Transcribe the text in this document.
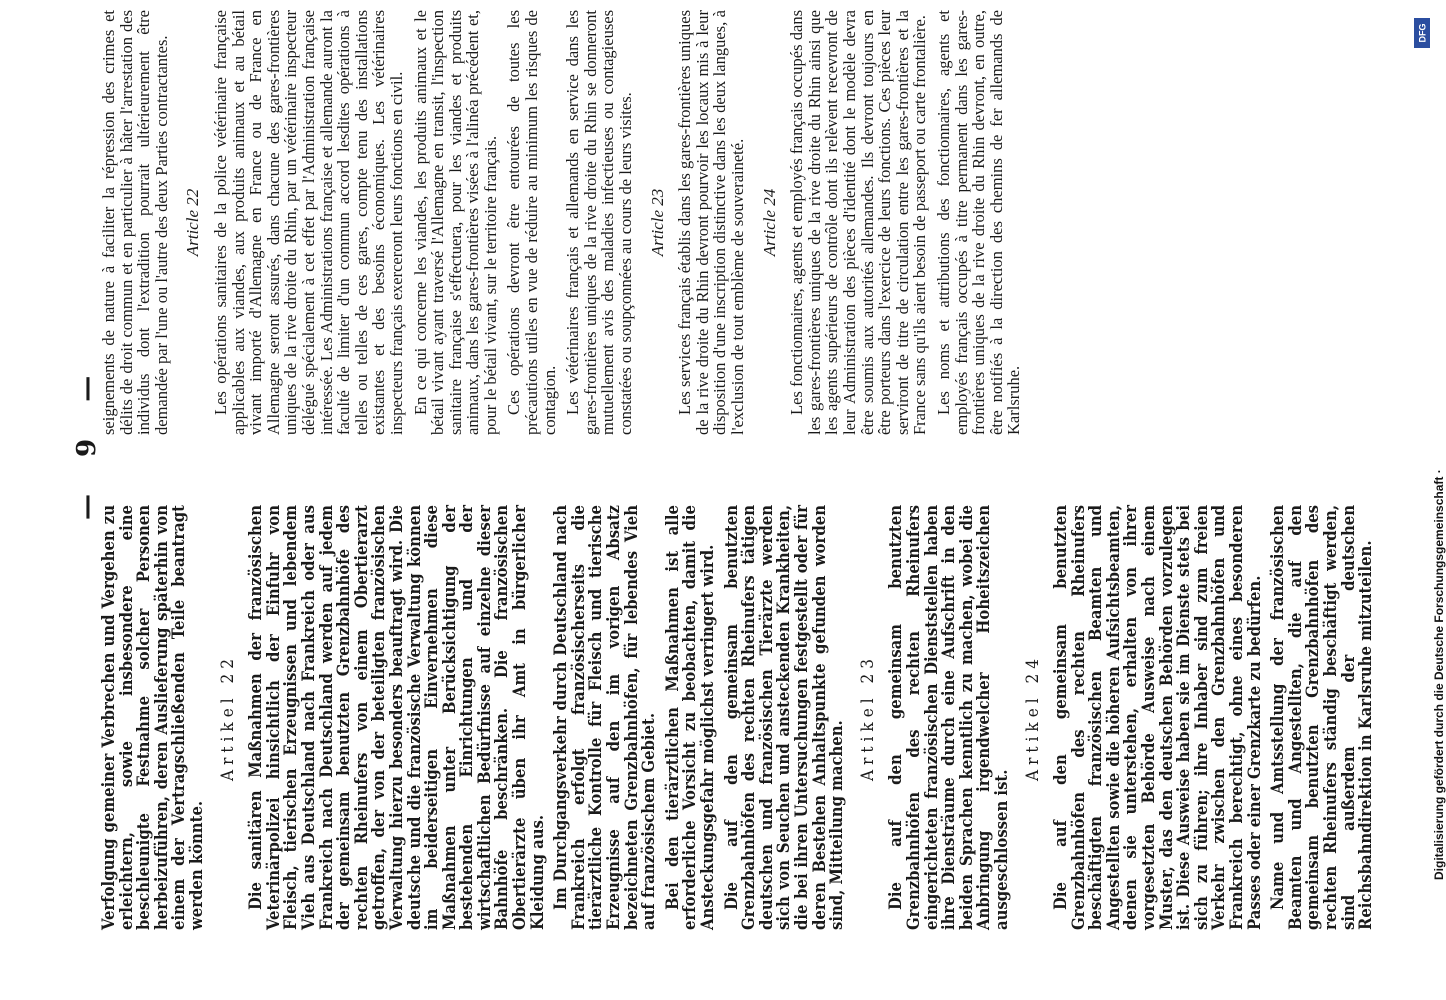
— 9 —

Verfolgung gemeiner Verbrechen und Vergehen zu erleichtern, sowie insbesondere eine beschleunigte Festnahme solcher Personen herbeizuführen, deren Auslieferung späterhin von einem der Vertragschließenden Teile beantragt werden könnte.

Artikel 22 Die sanitären Maßnahmen der französischen Veterinärpolizei hinsichtlich der Einfuhr von Fleisch, tierischen Erzeugnissen und lebendem Vieh aus Deutschland nach Frankreich oder aus Frankreich nach Deutschland werden auf jedem der gemeinsam benutzten Grenzbahnhöfe des rechten Rheinufers von einem Obertierarzt getroffen, der von der beteiligten französischen Verwaltung hierzu besonders beauftragt wird. Die deutsche und die französische Verwaltung können im beiderseitigen Einvernehmen diese Maßnahmen unter Berücksichtigung der bestehenden Einrichtungen und der wirtschaftlichen Bedürfnisse auf einzelne dieser Bahnhöfe beschränken. Die französischen Obertierärzte üben ihr Amt in bürgerlicher Kleidung aus. Im Durchgangsverkehr durch Deutschland nach Frankreich erfolgt französischerseits die tierärztliche Kontrolle für Fleisch und tierische Erzeugnisse auf den im vorigen Absatz bezeichneten Grenzbahnhöfen, für lebendes Vieh auf französischem Gebiet. Bei den tierärztlichen Maßnahmen ist alle erforderliche Vorsicht zu beobachten, damit die Ansteckungsgefahr möglichst verringert wird. Die auf den gemeinsam benutzten Grenzbahnhöfen des rechten Rheinufers tätigen deutschen und französischen Tierärzte werden sich von Seuchen und ansteckenden Krankheiten, die bei ihren Untersuchungen festgestellt oder für deren Bestehen Anhaltspunkte gefunden worden sind, Mitteilung machen.

Artikel 23 Die auf den gemeinsam benutzten Grenzbahnhöfen des rechten Rheinufers eingerichteten französischen Dienststellen haben ihre Diensträume durch eine Aufschrift in den beiden Sprachen kenntlich zu machen, wobei die Anbringung irgendwelcher Hoheitszeichen ausgeschlossen ist.

Artikel 24 Die auf den gemeinsam benutzten Grenzbahnhöfen des rechten Rheinufers beschäftigten französischen Beamten und Angestellten sowie die höheren Aufsichtsbeamten, denen sie unterstehen, erhalten von ihrer vorgesetzten Behörde Ausweise nach einem Muster, das den deutschen Behörden vorzulegen ist. Diese Ausweise haben sie im Dienste stets bei sich zu führen; ihre Inhaber sind zum freien Verkehr zwischen den Grenzbahnhöfen und Frankreich berechtigt, ohne eines besonderen Passes oder einer Grenzkarte zu bedürfen. Name und Amtsstellung der französischen Beamten und Angestellten, die auf den gemeinsam benutzten Grenzbahnhöfen des rechten Rheinufers ständig beschäftigt werden, sind außerdem der deutschen Reichsbahndirektion in Karlsruhe mitzuteilen.

seignements de nature à faciliter la répression des crimes et délits de droit commun et en particulier à hâter l'arrestation des individus dont l'extradition pourrait ultérieurement être demandée par l'une ou l'autre des deux Parties contractantes. Article 22 Les opérations sanitaires de la police vétérinaire française applicables aux viandes, aux produits animaux et au bétail vivant importé d'Allemagne en France ou de France en Allemagne seront assurés, dans chacune des gares-frontières uniques de la rive droite du Rhin, par un vétérinaire inspecteur délégué spécialement à cet effet par l'Administration française intéressée. Les Administrations française et allemande auront la faculté de limiter d'un commun accord lesdites opérations à telles ou telles de ces gares, compte tenu des installations existantes et des besoins économiques. Les vétérinaires inspecteurs français exerceront leurs fonctions en civil. En ce qui concerne les viandes, les produits animaux et le bétail vivant ayant traversé l'Allemagne en transit, l'inspection sanitaire française s'effectuera, pour les viandes et produits animaux, dans les gares-frontières visées à l'alinéa précédent et, pour le bétail vivant, sur le territoire français. Ces opérations devront être entourées de toutes les précautions utiles en vue de réduire au minimum les risques de contagion. Les vétérinaires français et allemands en service dans les gares-frontières uniques de la rive droite du Rhin se donneront mutuellement avis des maladies infectieuses ou contagieuses constatées ou soupçonnées au cours de leurs visites. Article 23 Les services français établis dans les gares-frontières uniques de la rive droite du Rhin devront pourvoir les locaux mis à leur disposition d'une inscription distinctive dans les deux langues, à l'exclusion de tout emblème de souveraineté. Article 24 Les fonctionnaires, agents et employés français occupés dans les gares-frontières uniques de la rive droite du Rhin ainsi que les agents supérieurs de contrôle dont ils relèvent recevront de leur Administration des pièces d'identité dont le modèle devra être soumis aux autorités allemandes. Ils devront toujours en être porteurs dans l'exercice de leurs fonctions. Ces pièces leur serviront de titre de circulation entre les gares-frontières et la France sans qu'ils aient besoin de passeport ou carte frontalière. Les noms et attributions des fonctionnaires, agents et employés français occupés à titre permanent dans les gares-frontières uniques de la rive droite du Rhin devront, en outre, être notifiés à la direction des chemins de fer allemands de Karlsruhe.

DFG
Digitalisierung gefördert durch die Deutsche Forschungsgemeinschaft ·
